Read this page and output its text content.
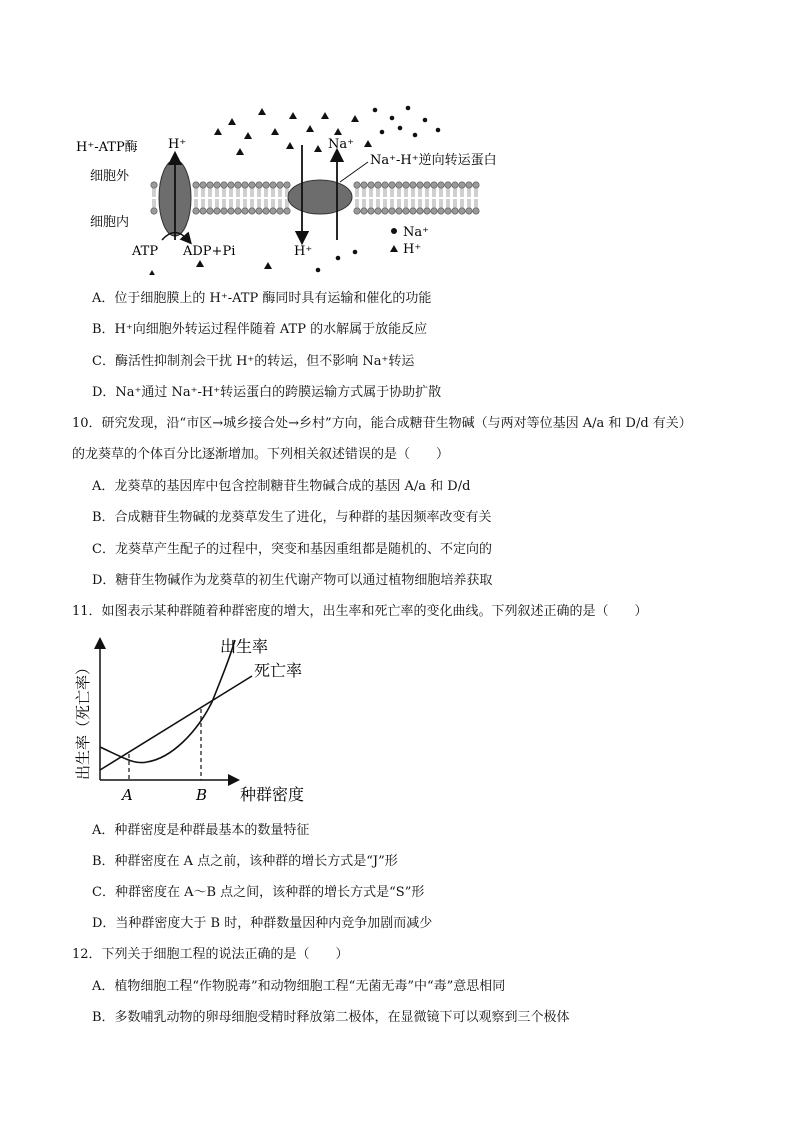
H⁺-ATP酶
细胞外
细胞内
H⁺	Na⁺
Na⁺-H⁺逆向转运蛋白
ATP ADP+Pi	H⁺
Na⁺
H⁺
A．位于细胞膜上的 H⁺-ATP 酶同时具有运输和催化的功能
B．H⁺向细胞外转运过程伴随着 ATP 的水解属于放能反应
C．酶活性抑制剂会干扰 H⁺的转运，但不影响 Na⁺转运
D．Na⁺通过 Na⁺-H⁺转运蛋白的跨膜运输方式属于协助扩散
10．研究发现，沿“市区→城乡接合处→乡村”方向，能合成糖苷生物碱（与两对等位基因 A/a 和 D/d 有关）
的龙葵草的个体百分比逐渐增加。下列相关叙述错误的是（　　）
A．龙葵草的基因库中包含控制糖苷生物碱合成的基因 A/a 和 D/d
B．合成糖苷生物碱的龙葵草发生了进化，与种群的基因频率改变有关
C．龙葵草产生配子的过程中，突变和基因重组都是随机的、不定向的
D．糖苷生物碱作为龙葵草的初生代谢产物可以通过植物细胞培养获取
11．如图表示某种群随着种群密度的增大，出生率和死亡率的变化曲线。下列叙述正确的是（　　）
出生率（死亡率）
A	B 种群密度
出生率
死亡率
A．种群密度是种群最基本的数量特征
B．种群密度在 A 点之前，该种群的增长方式是“J”形
C．种群密度在 A～B 点之间，该种群的增长方式是“S”形
D．当种群密度大于 B 时，种群数量因种内竞争加剧而减少
12．下列关于细胞工程的说法正确的是（　　）
A．植物细胞工程“作物脱毒”和动物细胞工程“无菌无毒”中“毒”意思相同
B．多数哺乳动物的卵母细胞受精时释放第二极体，在显微镜下可以观察到三个极体
